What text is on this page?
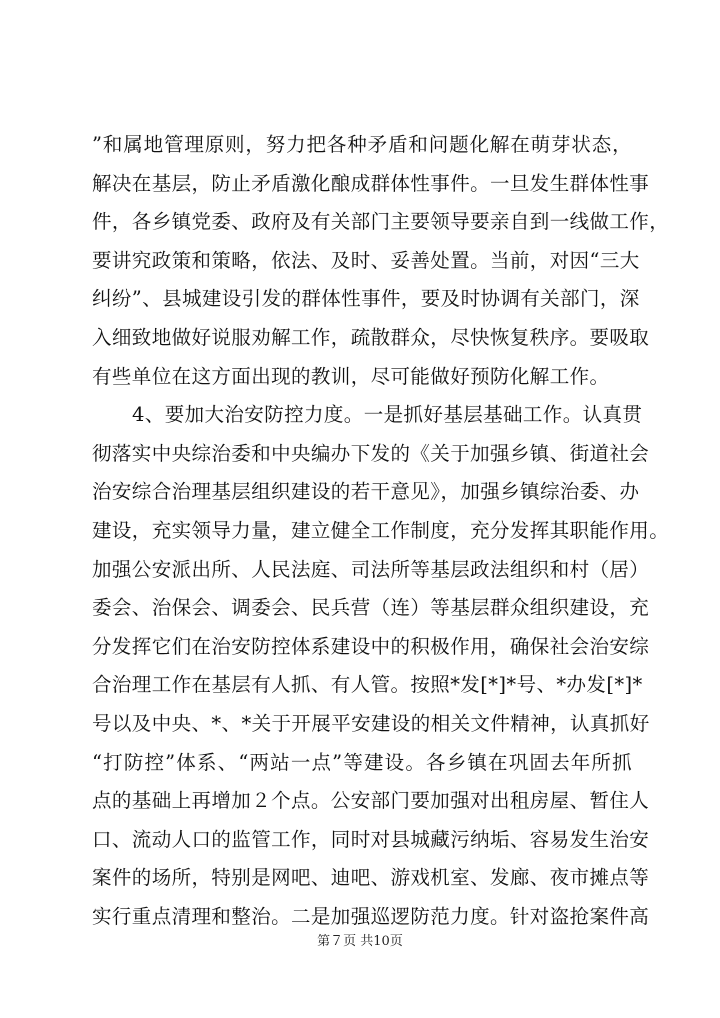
”和属地管理原则，努力把各种矛盾和问题化解在萌芽状态，
解决在基层，防止矛盾激化酿成群体性事件。一旦发生群体性事
件，各乡镇党委、政府及有关部门主要领导要亲自到一线做工作，
要讲究政策和策略，依法、及时、妥善处置。当前，对因“三大
纠纷”、县城建设引发的群体性事件，要及时协调有关部门，深
入细致地做好说服劝解工作，疏散群众，尽快恢复秩序。要吸取
有些单位在这方面出现的教训，尽可能做好预防化解工作。
4、要加大治安防控力度。一是抓好基层基础工作。认真贯
彻落实中央综治委和中央编办下发的《关于加强乡镇、街道社会
治安综合治理基层组织建设的若干意见》，加强乡镇综治委、办
建设，充实领导力量，建立健全工作制度，充分发挥其职能作用。
加强公安派出所、人民法庭、司法所等基层政法组织和村（居）
委会、治保会、调委会、民兵营（连）等基层群众组织建设，充
分发挥它们在治安防控体系建设中的积极作用，确保社会治安综
合治理工作在基层有人抓、有人管。按照*发[*]*号、*办发[*]*
号以及中央、*、*关于开展平安建设的相关文件精神，认真抓好
“打防控”体系、“两站一点”等建设。各乡镇在巩固去年所抓
点的基础上再增加２个点。公安部门要加强对出租房屋、暂住人
口、流动人口的监管工作，同时对县城藏污纳垢、容易发生治安
案件的场所，特别是网吧、迪吧、游戏机室、发廊、夜市摊点等
实行重点清理和整治。二是加强巡逻防范力度。针对盗抢案件高
第７页 共10页
